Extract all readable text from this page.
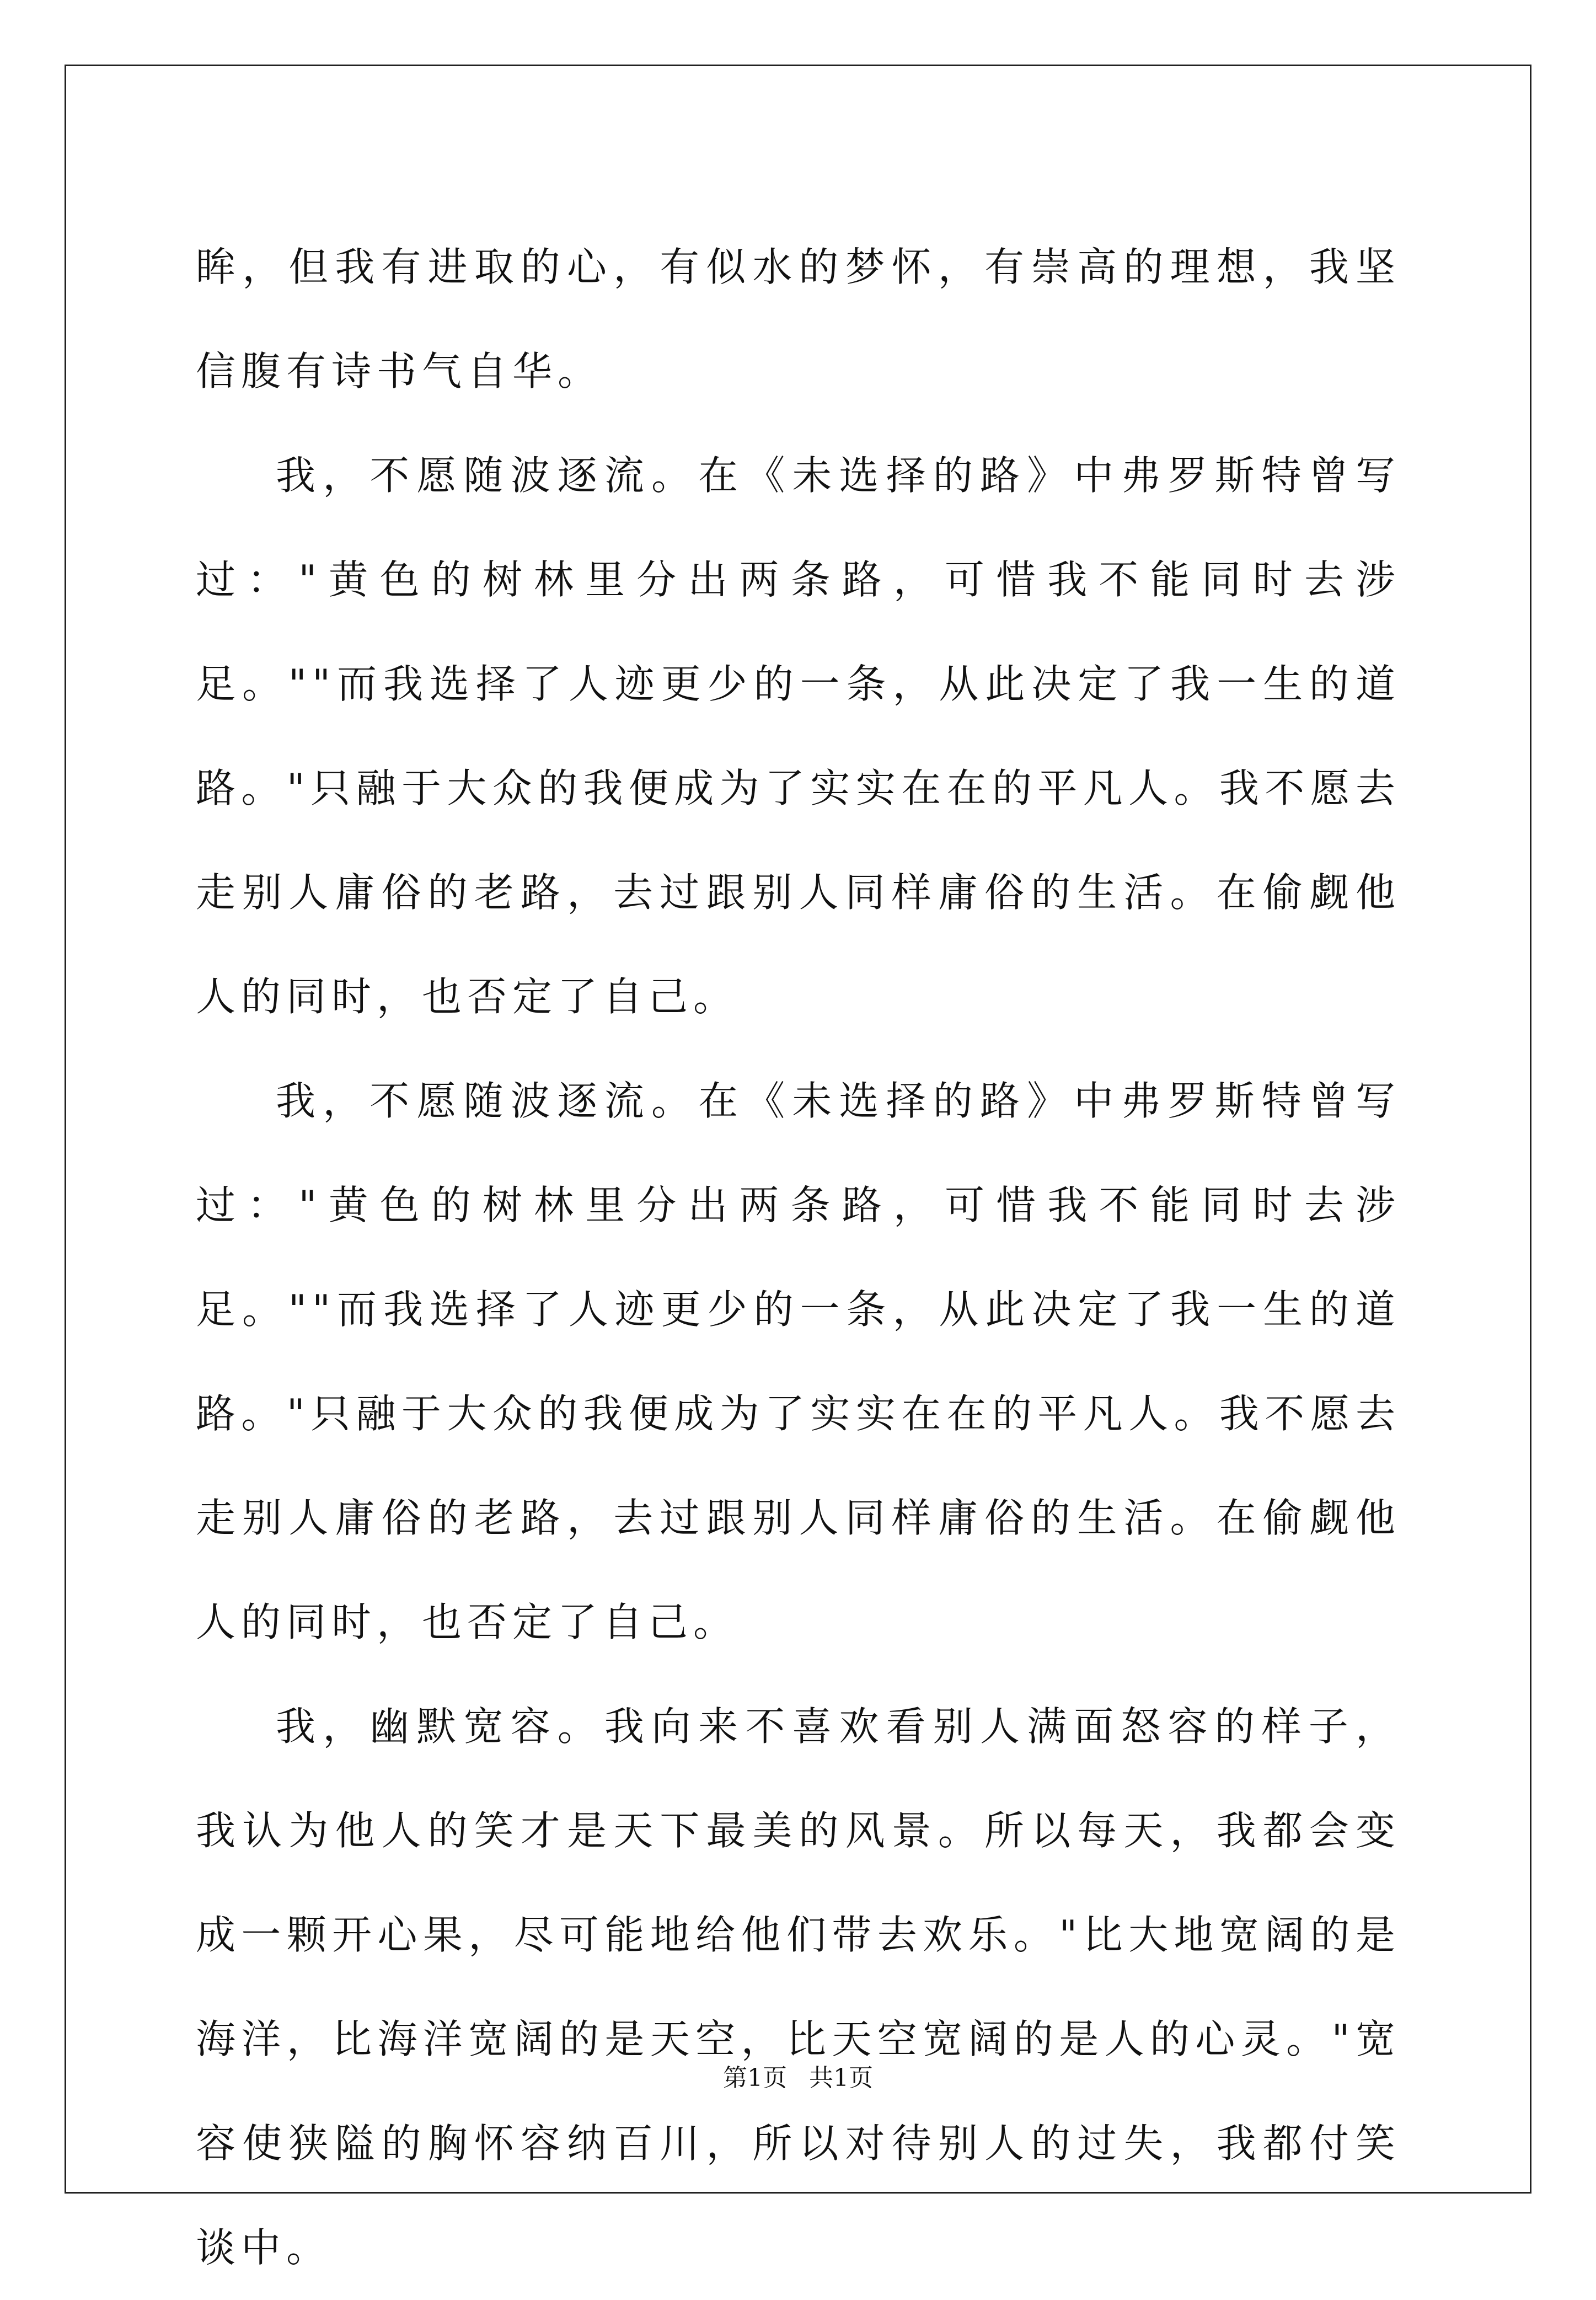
眸，但我有进取的心，有似水的梦怀，有崇高的理想，我坚信腹有诗书气自华。

我，不愿随波逐流。在《未选择的路》中弗罗斯特曾写过："黄色的树林里分出两条路，可惜我不能同时去涉足。""而我选择了人迹更少的一条，从此决定了我一生的道路。"只融于大众的我便成为了实实在在的平凡人。我不愿去走别人庸俗的老路，去过跟别人同样庸俗的生活。在偷觑他人的同时，也否定了自己。

我，不愿随波逐流。在《未选择的路》中弗罗斯特曾写过："黄色的树林里分出两条路，可惜我不能同时去涉足。""而我选择了人迹更少的一条，从此决定了我一生的道路。"只融于大众的我便成为了实实在在的平凡人。我不愿去走别人庸俗的老路，去过跟别人同样庸俗的生活。在偷觑他人的同时，也否定了自己。

我，幽默宽容。我向来不喜欢看别人满面怒容的样子，我认为他人的笑才是天下最美的风景。所以每天，我都会变成一颗开心果，尽可能地给他们带去欢乐。"比大地宽阔的是海洋，比海洋宽阔的是天空，比天空宽阔的是人的心灵。"宽容使狭隘的胸怀容纳百川，所以对待别人的过失，我都付笑谈中。

第1页 共1页
